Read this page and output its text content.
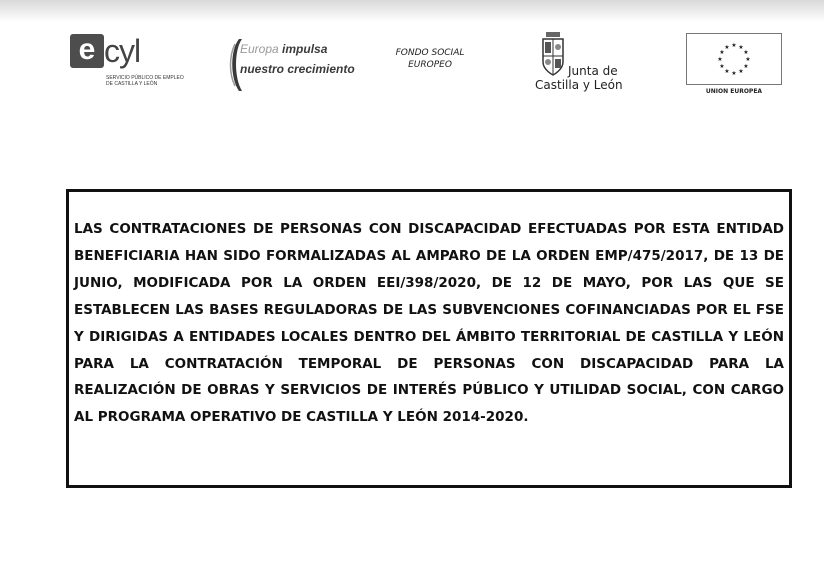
e cyl
SERVICIO PÚBLICO DE EMPLEO
DE CASTILLA Y LEÓN
Europa impulsa
nuestro crecimiento
FONDO SOCIAL
EUROPEO	Junta de
Castilla y León
★ ★
★
★
★
★
★
★
★
★
★
★
UNION EUROPEA

LAS CONTRATACIONES DE PERSONAS CON DISCAPACIDAD EFECTUADAS POR ESTA ENTIDAD BENEFICIARIA HAN SIDO FORMALIZADAS AL AMPARO DE LA ORDEN EMP/475/2017, DE 13 DE JUNIO, MODIFICADA POR LA ORDEN EEI/398/2020, DE 12 DE MAYO, POR LAS QUE SE ESTABLECEN LAS BASES REGULADORAS DE LAS SUBVENCIONES COFINANCIADAS POR EL FSE Y DIRIGIDAS A ENTIDADES LOCALES DENTRO DEL ÁMBITO TERRITORIAL DE CASTILLA Y LEÓN PARA LA CONTRATACIÓN TEMPORAL DE PERSONAS CON DISCAPACIDAD PARA LA REALIZACIÓN DE OBRAS Y SERVICIOS DE INTERÉS PÚBLICO Y UTILIDAD SOCIAL, CON CARGO AL PROGRAMA OPERATIVO DE CASTILLA Y LEÓN 2014-2020.
